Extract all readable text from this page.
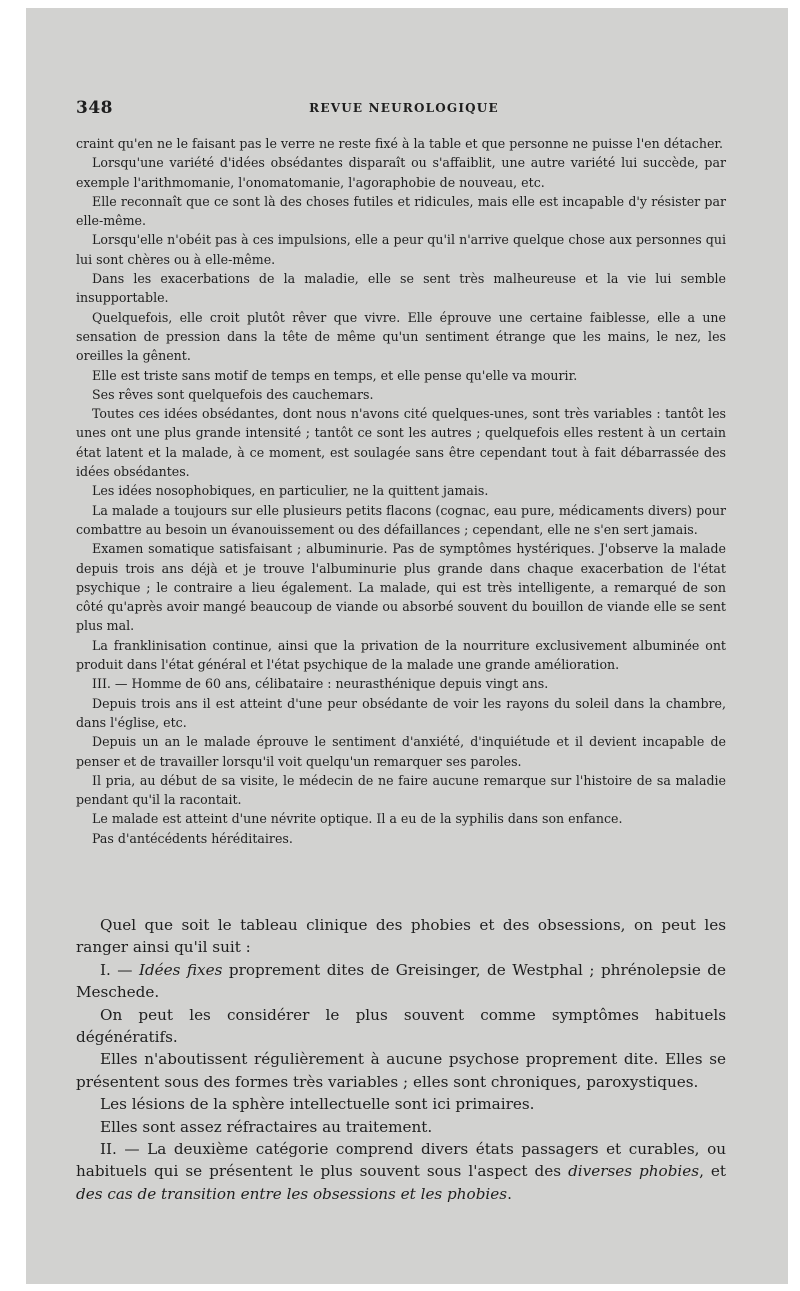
348	REVUE NEUROLOGIQUE

craint qu'en ne le faisant pas le verre ne reste fixé à la table et que personne ne puisse l'en détacher.

Lorsqu'une variété d'idées obsédantes disparaît ou s'affaiblit, une autre variété lui succède, par exemple l'arithmomanie, l'onomatomanie, l'agoraphobie de nouveau, etc.

Elle reconnaît que ce sont là des choses futiles et ridicules, mais elle est incapable d'y résister par elle-même.

Lorsqu'elle n'obéit pas à ces impulsions, elle a peur qu'il n'arrive quelque chose aux personnes qui lui sont chères ou à elle-même.

Dans les exacerbations de la maladie, elle se sent très malheureuse et la vie lui semble insupportable.

Quelquefois, elle croit plutôt rêver que vivre. Elle éprouve une certaine faiblesse, elle a une sensation de pression dans la tête de même qu'un sentiment étrange que les mains, le nez, les oreilles la gênent.

Elle est triste sans motif de temps en temps, et elle pense qu'elle va mourir.

Ses rêves sont quelquefois des cauchemars.

Toutes ces idées obsédantes, dont nous n'avons cité quelques-unes, sont très variables : tantôt les unes ont une plus grande intensité ; tantôt ce sont les autres ; quelquefois elles restent à un certain état latent et la malade, à ce moment, est soulagée sans être cependant tout à fait débarrassée des idées obsédantes.

Les idées nosophobiques, en particulier, ne la quittent jamais.

La malade a toujours sur elle plusieurs petits flacons (cognac, eau pure, médicaments divers) pour combattre au besoin un évanouissement ou des défaillances ; cependant, elle ne s'en sert jamais.

Examen somatique satisfaisant ; albuminurie. Pas de symptômes hystériques. J'observe la malade depuis trois ans déjà et je trouve l'albuminurie plus grande dans chaque exacerbation de l'état psychique ; le contraire a lieu également. La malade, qui est très intelligente, a remarqué de son côté qu'après avoir mangé beaucoup de viande ou absorbé souvent du bouillon de viande elle se sent plus mal.

La franklinisation continue, ainsi que la privation de la nourriture exclusivement albuminée ont produit dans l'état général et l'état psychique de la malade une grande amélioration.

III. — Homme de 60 ans, célibataire : neurasthénique depuis vingt ans.

Depuis trois ans il est atteint d'une peur obsédante de voir les rayons du soleil dans la chambre, dans l'église, etc.

Depuis un an le malade éprouve le sentiment d'anxiété, d'inquiétude et il devient incapable de penser et de travailler lorsqu'il voit quelqu'un remarquer ses paroles.

Il pria, au début de sa visite, le médecin de ne faire aucune remarque sur l'histoire de sa maladie pendant qu'il la racontait.

Le malade est atteint d'une névrite optique. Il a eu de la syphilis dans son enfance.

Pas d'antécédents héréditaires.

Quel que soit le tableau clinique des phobies et des obsessions, on peut les ranger ainsi qu'il suit :

I. — Idées fixes proprement dites de Greisinger, de Westphal ; phrénolepsie de Meschede.

On peut les considérer le plus souvent comme symptômes habituels dégénératifs.

Elles n'aboutissent régulièrement à aucune psychose proprement dite. Elles se présentent sous des formes très variables ; elles sont chroniques, paroxystiques.

Les lésions de la sphère intellectuelle sont ici primaires.

Elles sont assez réfractaires au traitement.

II. — La deuxième catégorie comprend divers états passagers et curables, ou habituels qui se présentent le plus souvent sous l'aspect des diverses phobies, et des cas de transition entre les obsessions et les phobies.
